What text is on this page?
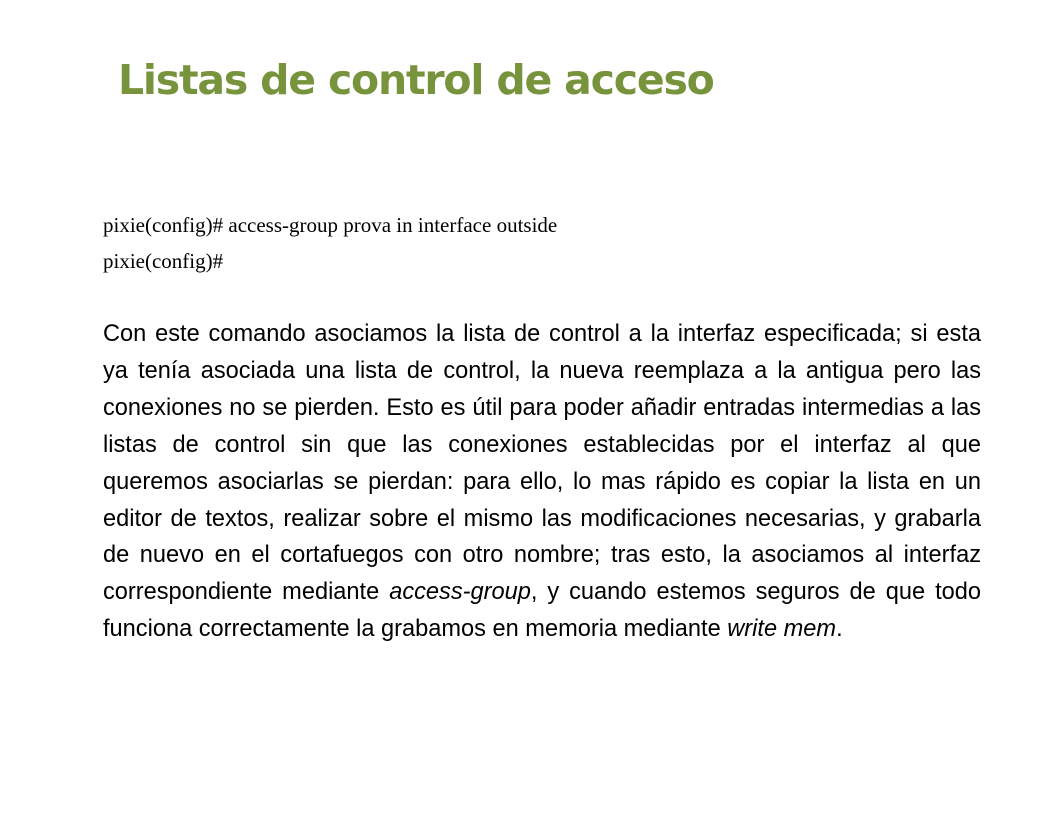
Listas de control de acceso
pixie(config)# access-group prova in interface outside
pixie(config)#

Con este comando asociamos la lista de control a la interfaz especificada; si esta ya tenía asociada una lista de control, la nueva reemplaza a la antigua pero las conexiones no se pierden. Esto es útil para poder añadir entradas intermedias a las listas de control sin que las conexiones establecidas por el interfaz al que queremos asociarlas se pierdan: para ello, lo mas rápido es copiar la lista en un editor de textos, realizar sobre el mismo las modificaciones necesarias, y grabarla de nuevo en el cortafuegos con otro nombre; tras esto, la asociamos al interfaz correspondiente mediante access-group, y cuando estemos seguros de que todo funciona correctamente la grabamos en memoria mediante write mem.
